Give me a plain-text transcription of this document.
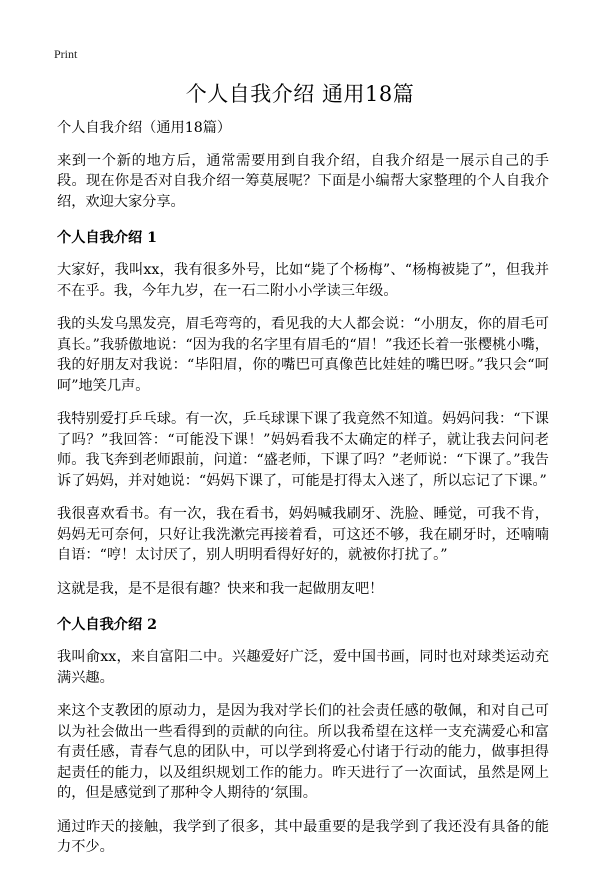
Print
个人自我介绍 通用18篇

个人自我介绍（通用18篇）

来到一个新的地方后，通常需要用到自我介绍，自我介绍是一展示自己的手段。现在你是否对自我介绍一筹莫展呢？下面是小编帮大家整理的个人自我介绍，欢迎大家分享。

个人自我介绍 1

大家好，我叫xx，我有很多外号，比如“毙了个杨梅”、“杨梅被毙了”，但我并不在乎。我，今年九岁，在一石二附小小学读三年级。

我的头发乌黑发亮，眉毛弯弯的，看见我的大人都会说：“小朋友，你的眉毛可真长。”我骄傲地说：“因为我的名字里有眉毛的“眉！”我还长着一张樱桃小嘴，我的好朋友对我说：“毕阳眉，你的嘴巴可真像芭比娃娃的嘴巴呀。”我只会“呵呵”地笑几声。

我特别爱打乒乓球。有一次，乒乓球课下课了我竟然不知道。妈妈问我：“下课了吗？”我回答：“可能没下课！”妈妈看我不太确定的样子，就让我去问问老师。我飞奔到老师跟前，问道：“盛老师，下课了吗？”老师说：“下课了。”我告诉了妈妈，并对她说：“妈妈下课了，可能是打得太入迷了，所以忘记了下课。”

我很喜欢看书。有一次，我在看书，妈妈喊我刷牙、洗脸、睡觉，可我不肯，妈妈无可奈何，只好让我洗漱完再接着看，可这还不够，我在刷牙时，还喃喃自语：“哼！太讨厌了，别人明明看得好好的，就被你打扰了。”

这就是我，是不是很有趣？快来和我一起做朋友吧！

个人自我介绍 2

我叫俞xx，来自富阳二中。兴趣爱好广泛，爱中国书画，同时也对球类运动充满兴趣。

来这个支教团的原动力，是因为我对学长们的社会责任感的敬佩，和对自己可以为社会做出一些看得到的贡献的向往。所以我希望在这样一支充满爱心和富有责任感，青春气息的团队中，可以学到将爱心付诸于行动的能力，做事担得起责任的能力，以及组织规划工作的能力。昨天进行了一次面试，虽然是网上的，但是感觉到了那种令人期待的‘氛围。

通过昨天的接触，我学到了很多，其中最重要的是我学到了我还没有具备的能力不少。
